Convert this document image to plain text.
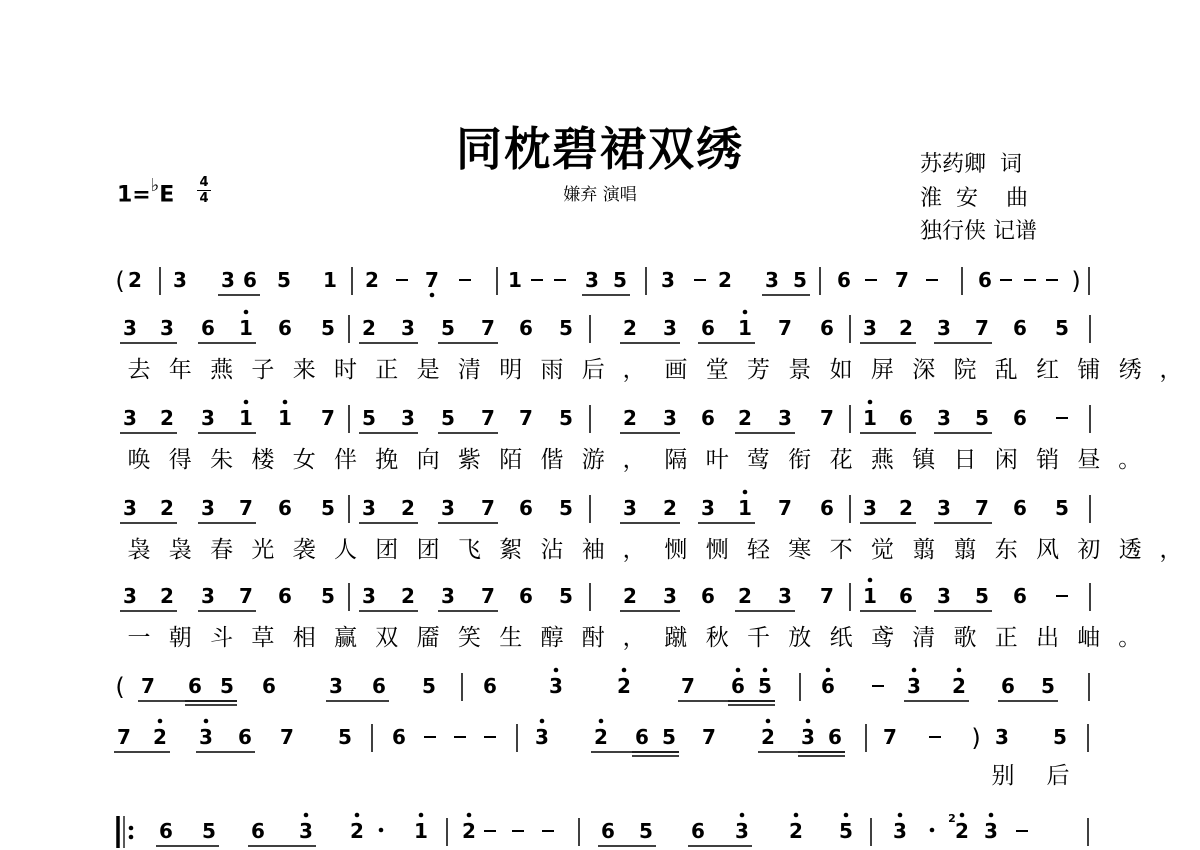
同枕碧裙双绣
嫌弃 演唱
苏药卿  词
淮  安    曲
独行侠 记谱
1=♭E 4
4
( 2 3 3 6 5 1 2 7	1	3 5 3 2 3 5 6 7	6	)
3 3 6 1 6 5 2 3 5 7 6 5	2 3 6 1 7 6 3 2 3 7 6 5
3 2 3 1 1 7 5 3 5 7 7 5	2 3 6 2 3 7 1 6 3 5 6
3 2 3 7 6 5 3 2 3 7 6 5	3 2 3 1 7 6 3 2 3 7 6 5
3 2 3 7 6 5 3 2 3 7 6 5	2 3 6 2 3 7 1 6 3 5 6
( 7 6 5 6	3 6 5 6	3	2	7 6 5 6	3 2 6 5
7 2 3 6 7 5 6	3 2 6 5 7 2 3 6 7	) 3 5
6 5 6 3 2	1 2	6 5 6 3 2 5 3 2 3
2
去 年 燕 子 来 时 正 是 清 明 雨 后 ， 画 堂 芳 景 如 屏 深 院 乱 红 铺 绣 ，
唤 得 朱 楼 女 伴 挽 向 紫 陌 偕 游 ， 隔 叶 莺 衔 花 燕 镇 日 闲 销 昼 。
袅 袅 春 光 袭 人 团 团 飞 絮 沾 袖 ， 恻 恻 轻 寒 不 觉 翦 翦 东 风 初 透 ，
一 朝 斗 草 相 赢 双 靥 笑 生 醇 酎 ， 蹴 秋 千 放 纸 鸢 清 歌 正 出 岫 。
别 后
